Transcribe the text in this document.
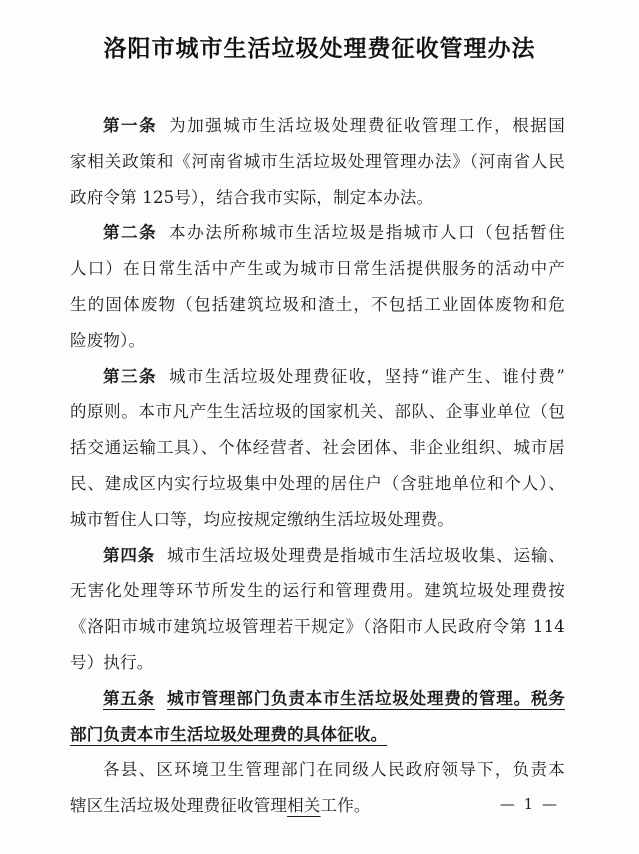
洛阳市城市生活垃圾处理费征收管理办法
第一条 为加强城市生活垃圾处理费征收管理工作，根据国
家相关政策和《河南省城市生活垃圾处理管理办法》（河南省人民
政府令第 125号），结合我市实际，制定本办法。
第二条 本办法所称城市生活垃圾是指城市人口（包括暂住
人口）在日常生活中产生或为城市日常生活提供服务的活动中产
生的固体废物（包括建筑垃圾和渣土，不包括工业固体废物和危
险废物）。
第三条 城市生活垃圾处理费征收，坚持“谁产生、谁付费”
的原则。本市凡产生生活垃圾的国家机关、部队、企事业单位（包
括交通运输工具）、个体经营者、社会团体、非企业组织、城市居
民、建成区内实行垃圾集中处理的居住户（含驻地单位和个人）、
城市暂住人口等，均应按规定缴纳生活垃圾处理费。
第四条 城市生活垃圾处理费是指城市生活垃圾收集、运输、
无害化处理等环节所发生的运行和管理费用。建筑垃圾处理费按
《洛阳市城市建筑垃圾管理若干规定》（洛阳市人民政府令第 114
号）执行。
第五条 城市管理部门负责本市生活垃圾处理费的管理。税务
部门负责本市生活垃圾处理费的具体征收。
各县、区环境卫生管理部门在同级人民政府领导下，负责本
辖区生活垃圾处理费征收管理相关工作。	— 1 —
